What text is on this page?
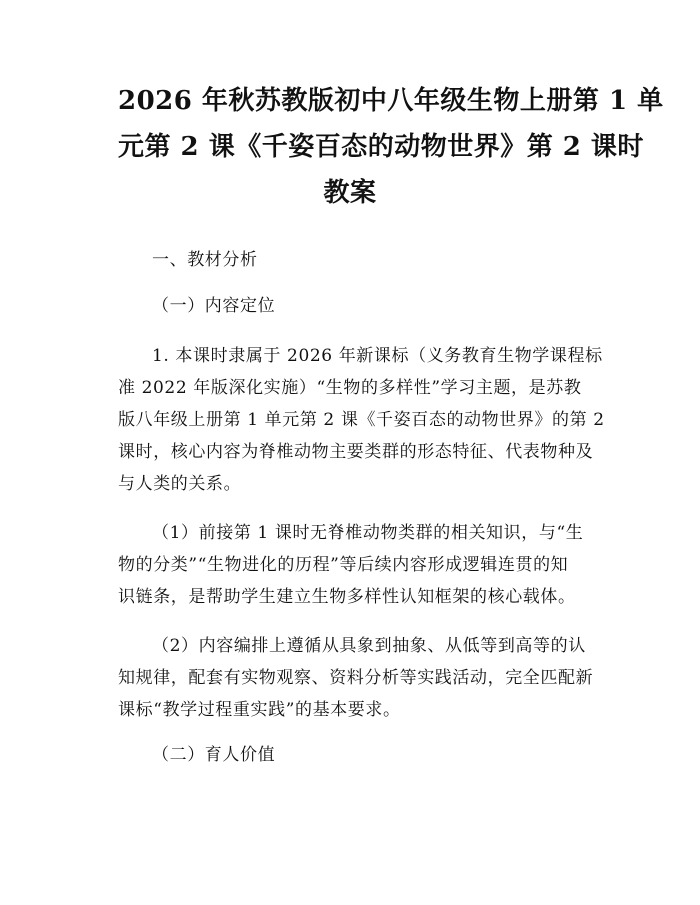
2026 年秋苏教版初中八年级生物上册第 1 单
元第 2 课《千姿百态的动物世界》第 2 课时
教案

一、教材分析

（一）内容定位

1. 本课时隶属于 2026 年新课标（义务教育生物学课程标
准 2022 年版深化实施）“生物的多样性”学习主题，是苏教
版八年级上册第 1 单元第 2 课《千姿百态的动物世界》的第 2
课时，核心内容为脊椎动物主要类群的形态特征、代表物种及
与人类的关系。

（1）前接第 1 课时无脊椎动物类群的相关知识，与“生
物的分类”“生物进化的历程”等后续内容形成逻辑连贯的知
识链条，是帮助学生建立生物多样性认知框架的核心载体。

（2）内容编排上遵循从具象到抽象、从低等到高等的认
知规律，配套有实物观察、资料分析等实践活动，完全匹配新
课标“教学过程重实践”的基本要求。

（二）育人价值
